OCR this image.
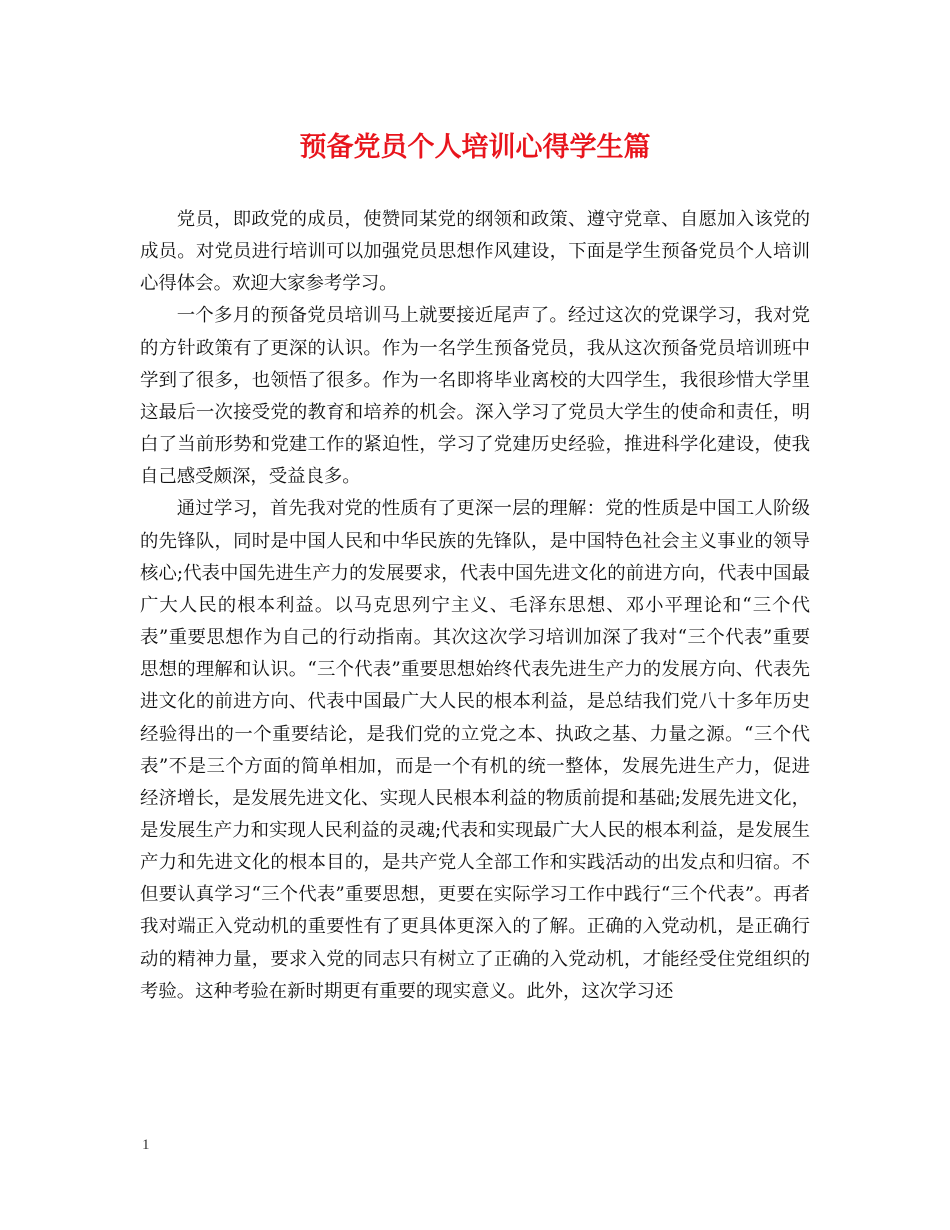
预备党员个人培训心得学生篇

党员，即政党的成员，使赞同某党的纲领和政策、遵守党章、自愿加入该党的成员。对党员进行培训可以加强党员思想作风建设，下面是学生预备党员个人培训心得体会。欢迎大家参考学习。

一个多月的预备党员培训马上就要接近尾声了。经过这次的党课学习，我对党的方针政策有了更深的认识。作为一名学生预备党员，我从这次预备党员培训班中学到了很多，也领悟了很多。作为一名即将毕业离校的大四学生，我很珍惜大学里这最后一次接受党的教育和培养的机会。深入学习了党员大学生的使命和责任，明白了当前形势和党建工作的紧迫性，学习了党建历史经验，推进科学化建设，使我自己感受颇深，受益良多。

通过学习，首先我对党的性质有了更深一层的理解：党的性质是中国工人阶级的先锋队，同时是中国人民和中华民族的先锋队，是中国特色社会主义事业的领导核心;代表中国先进生产力的发展要求，代表中国先进文化的前进方向，代表中国最广大人民的根本利益。以马克思列宁主义、毛泽东思想、邓小平理论和“三个代表”重要思想作为自己的行动指南。其次这次学习培训加深了我对“三个代表”重要思想的理解和认识。“三个代表”重要思想始终代表先进生产力的发展方向、代表先进文化的前进方向、代表中国最广大人民的根本利益，是总结我们党八十多年历史经验得出的一个重要结论，是我们党的立党之本、执政之基、力量之源。“三个代表”不是三个方面的简单相加，而是一个有机的统一整体，发展先进生产力，促进经济增长，是发展先进文化、实现人民根本利益的物质前提和基础;发展先进文化，是发展生产力和实现人民利益的灵魂;代表和实现最广大人民的根本利益，是发展生产力和先进文化的根本目的，是共产党人全部工作和实践活动的出发点和归宿。不但要认真学习“三个代表”重要思想，更要在实际学习工作中践行“三个代表”。再者 我对端正入党动机的重要性有了更具体更深入的了解。正确的入党动机，是正确行动的精神力量，要求入党的同志只有树立了正确的入党动机，才能经受住党组织的考验。这种考验在新时期更有重要的现实意义。此外，这次学习还

1
